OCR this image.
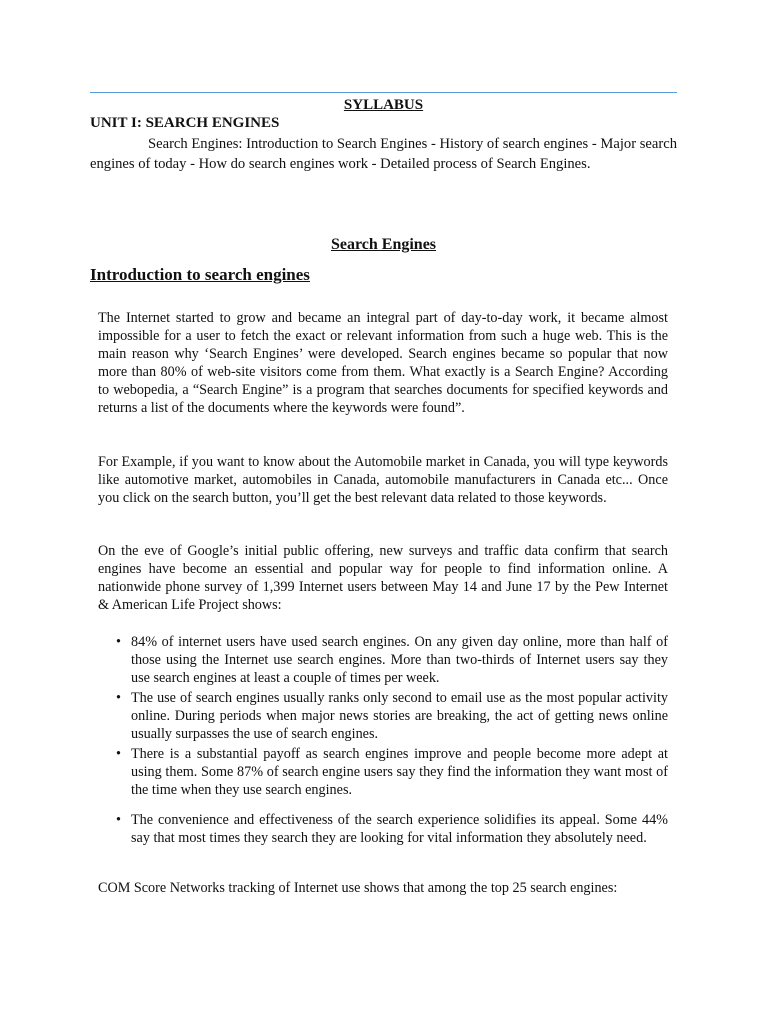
SYLLABUS
UNIT I: SEARCH ENGINES

Search Engines: Introduction to Search Engines - History of search engines - Major search engines of today - How do search engines work - Detailed process of Search Engines.

Search Engines
Introduction to search engines

The Internet started to grow and became an integral part of day-to-day work, it became almost impossible for a user to fetch the exact or relevant information from such a huge web. This is the main reason why ‘Search Engines’ were developed. Search engines became so popular that now more than 80% of web-site visitors come from them. What exactly is a Search Engine? According to webopedia, a “Search Engine” is a program that searches documents for specified keywords and returns a list of the documents where the keywords were found”.

For Example, if you want to know about the Automobile market in Canada, you will type keywords like automotive market, automobiles in Canada, automobile manufacturers in Canada etc... Once you click on the search button, you’ll get the best relevant data related to those keywords.

On the eve of Google’s initial public offering, new surveys and traffic data confirm that search engines have become an essential and popular way for people to find information online. A nationwide phone survey of 1,399 Internet users between May 14 and June 17 by the Pew Internet & American Life Project shows:

• 84% of internet users have used search engines. On any given day online, more than half of those using the Internet use search engines. More than two-thirds of Internet users say they use search engines at least a couple of times per week.
• The use of search engines usually ranks only second to email use as the most popular activity online. During periods when major news stories are breaking, the act of getting news online usually surpasses the use of search engines.
• There is a substantial payoff as search engines improve and people become more adept at using them. Some 87% of search engine users say they find the information they want most of the time when they use search engines.
• The convenience and effectiveness of the search experience solidifies its appeal. Some 44% say that most times they search they are looking for vital information they absolutely need.

COM Score Networks tracking of Internet use shows that among the top 25 search engines:
